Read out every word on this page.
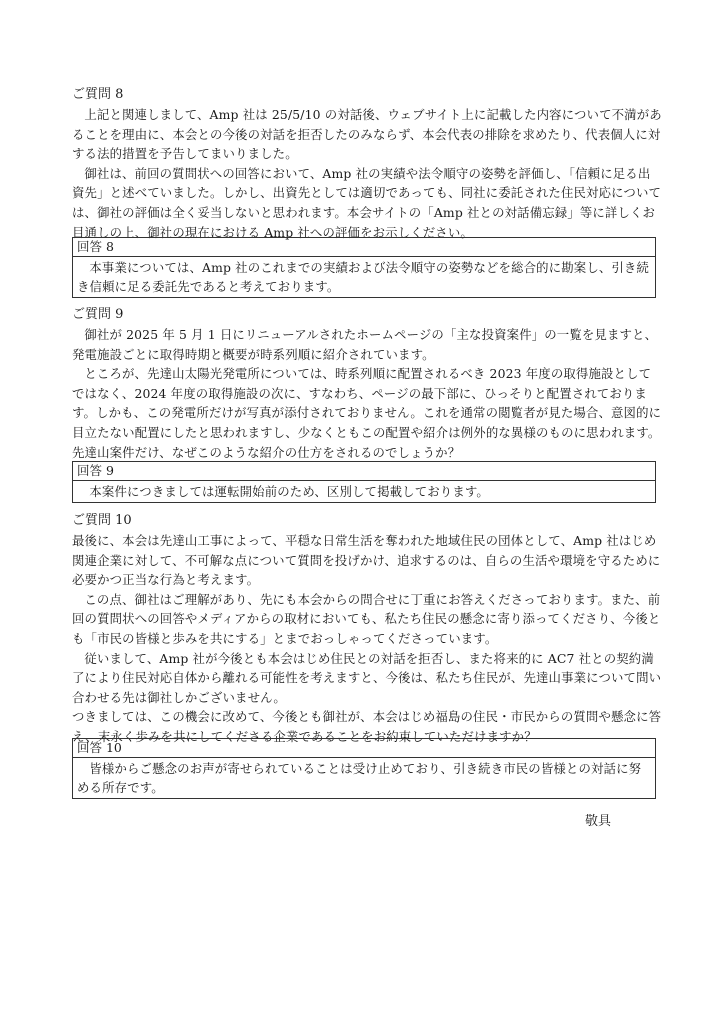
ご質問 8

上記と関連しまして、Amp 社は 25/5/10 の対話後、ウェブサイト上に記載した内容について不満があることを理由に、本会との今後の対話を拒否したのみならず、本会代表の排除を求めたり、代表個人に対する法的措置を予告してまいりました。

御社は、前回の質問状への回答において、Amp 社の実績や法令順守の姿勢を評価し、「信頼に足る出資先」と述べていました。しかし、出資先としては適切であっても、同社に委託された住民対応については、御社の評価は全く妥当しないと思われます。本会サイトの「Amp 社との対話備忘録」等に詳しくお目通しの上、御社の現在における Amp 社への評価をお示しください。

回答 8
本事業については、Amp 社のこれまでの実績および法令順守の姿勢などを総合的に勘案し、引き続き信頼に足る委託先であると考えております。
ご質問 9

御社が 2025 年 5 月 1 日にリニューアルされたホームページの「主な投資案件」の一覧を見ますと、発電施設ごとに取得時期と概要が時系列順に紹介されています。

ところが、先達山太陽光発電所については、時系列順に配置されるべき 2023 年度の取得施設としてではなく、2024 年度の取得施設の次に、すなわち、ページの最下部に、ひっそりと配置されております。しかも、この発電所だけが写真が添付されておりません。これを通常の閲覧者が見た場合、意図的に目立たない配置にしたと思われますし、少なくともこの配置や紹介は例外的な異様のものに思われます。先達山案件だけ、なぜこのような紹介の仕方をされるのでしょうか？

回答 9
本案件につきましては運転開始前のため、区別して掲載しております。
ご質問 10

最後に、本会は先達山工事によって、平穏な日常生活を奪われた地域住民の団体として、Amp 社はじめ関連企業に対して、不可解な点について質問を投げかけ、追求するのは、自らの生活や環境を守るために必要かつ正当な行為と考えます。

この点、御社はご理解があり、先にも本会からの問合せに丁重にお答えくださっております。また、前回の質問状への回答やメディアからの取材においても、私たち住民の懸念に寄り添ってくださり、今後とも「市民の皆様と歩みを共にする」とまでおっしゃってくださっています。

従いまして、Amp 社が今後とも本会はじめ住民との対話を拒否し、また将来的に AC7 社との契約満了により住民対応自体から離れる可能性を考えますと、今後は、私たち住民が、先達山事業について問い合わせる先は御社しかございません。

つきましては、この機会に改めて、今後とも御社が、本会はじめ福島の住民・市民からの質問や懸念に答え、末永く歩みを共にしてくださる企業であることをお約束していただけますか？

回答 10
皆様からご懸念のお声が寄せられていることは受け止めており、引き続き市民の皆様との対話に努める所存です。
敬具
